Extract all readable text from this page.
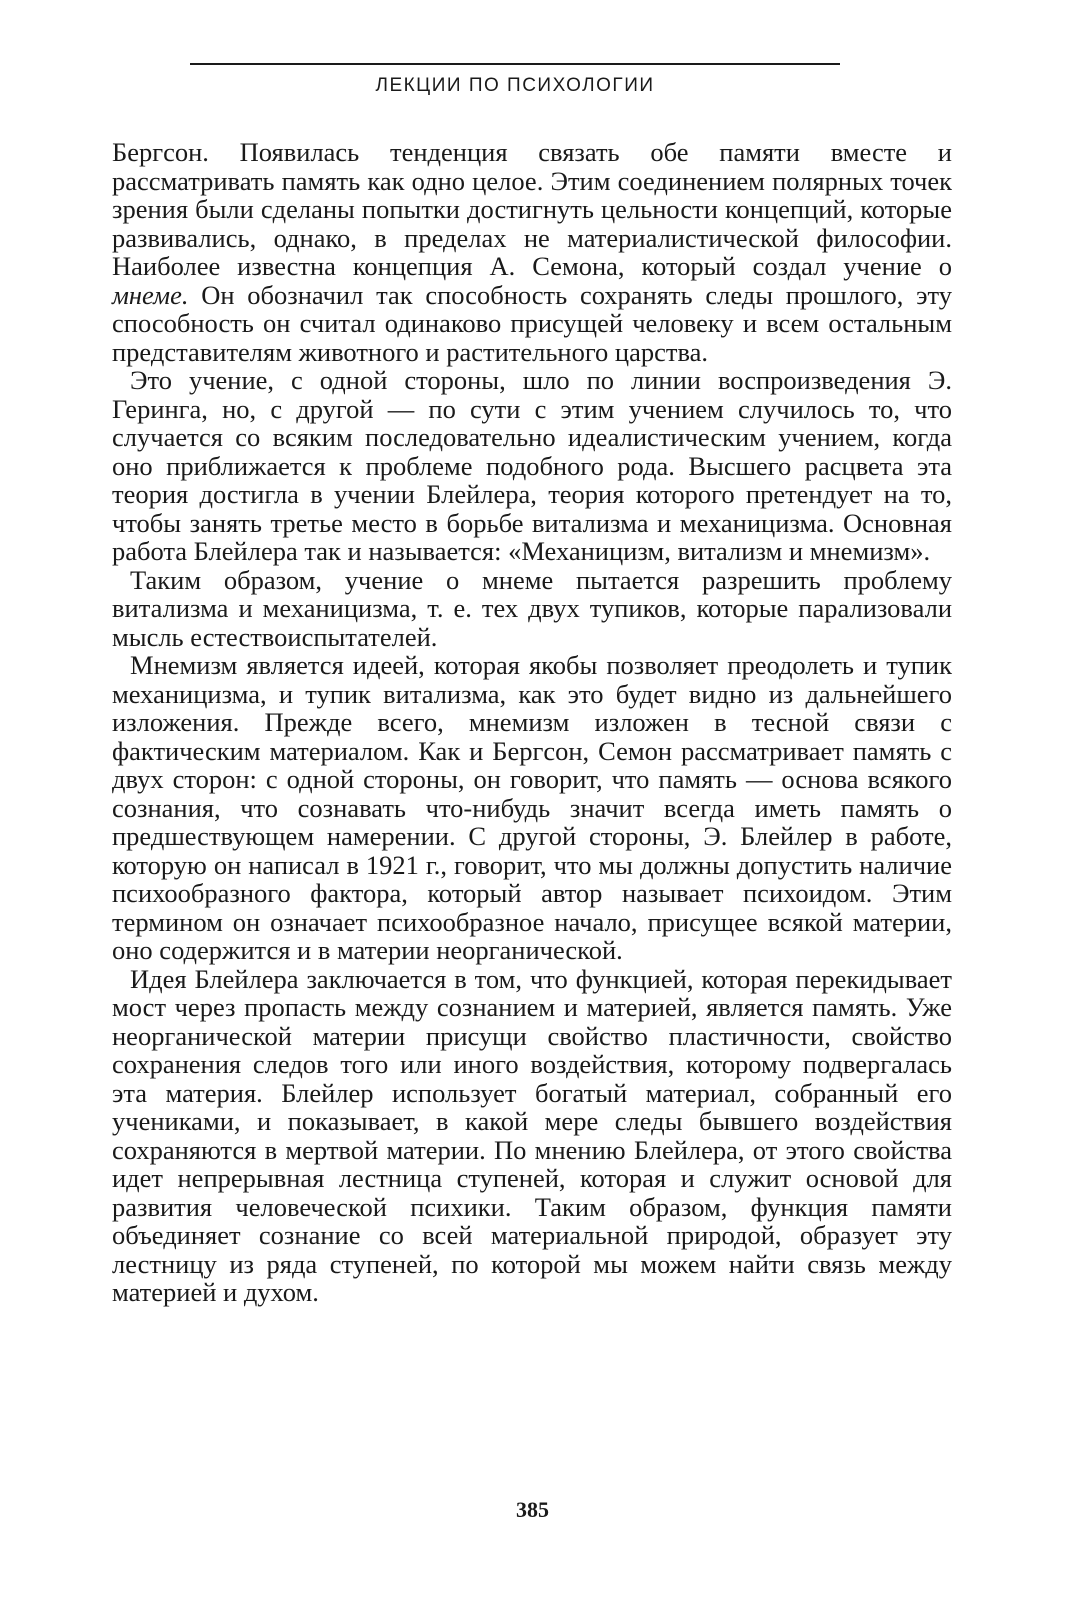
ЛЕКЦИИ ПО ПСИХОЛОГИИ

Бергсон. Появилась тенденция связать обе памяти вместе и рассматривать память как одно целое. Этим соединением полярных точек зрения были сделаны попытки достигнуть цельности концепций, которые развивались, однако, в пределах не материалистической философии. Наиболее известна концепция А. Семона, который создал учение о мнеме. Он обозначил так способность сохранять следы прошлого, эту способность он считал одинаково присущей человеку и всем остальным представителям животного и растительного царства.

Это учение, с одной стороны, шло по линии воспроизведения Э. Геринга, но, с другой — по сути с этим учением случилось то, что случается со всяким последовательно идеалистическим учением, когда оно приближается к проблеме подобного рода. Высшего расцвета эта теория достигла в учении Блейлера, теория которого претендует на то, чтобы занять третье место в борьбе витализма и механицизма. Основная работа Блейлера так и называется: «Механицизм, витализм и мнемизм».

Таким образом, учение о мнеме пытается разрешить проблему витализма и механицизма, т. е. тех двух тупиков, которые парализовали мысль естествоиспытателей.

Мнемизм является идеей, которая якобы позволяет преодолеть и тупик механицизма, и тупик витализма, как это будет видно из дальнейшего изложения. Прежде всего, мнемизм изложен в тесной связи с фактическим материалом. Как и Бергсон, Семон рассматривает память с двух сторон: с одной стороны, он говорит, что память — основа всякого сознания, что сознавать что-нибудь значит всегда иметь память о предшествующем намерении. С другой стороны, Э. Блейлер в работе, которую он написал в 1921 г., говорит, что мы должны допустить наличие психообразного фактора, который автор называет психоидом. Этим термином он означает психообразное начало, присущее всякой материи, оно содержится и в материи неорганической.

Идея Блейлера заключается в том, что функцией, которая перекидывает мост через пропасть между сознанием и материей, является память. Уже неорганической материи присущи свойство пластичности, свойство сохранения следов того или иного воздействия, которому подвергалась эта материя. Блейлер использует богатый материал, собранный его учениками, и показывает, в какой мере следы бывшего воздействия сохраняются в мертвой материи. По мнению Блейлера, от этого свойства идет непрерывная лестница ступеней, которая и служит основой для развития человеческой психики. Таким образом, функция памяти объединяет сознание со всей материальной природой, образует эту лестницу из ряда ступеней, по которой мы можем найти связь между материей и духом.

385
